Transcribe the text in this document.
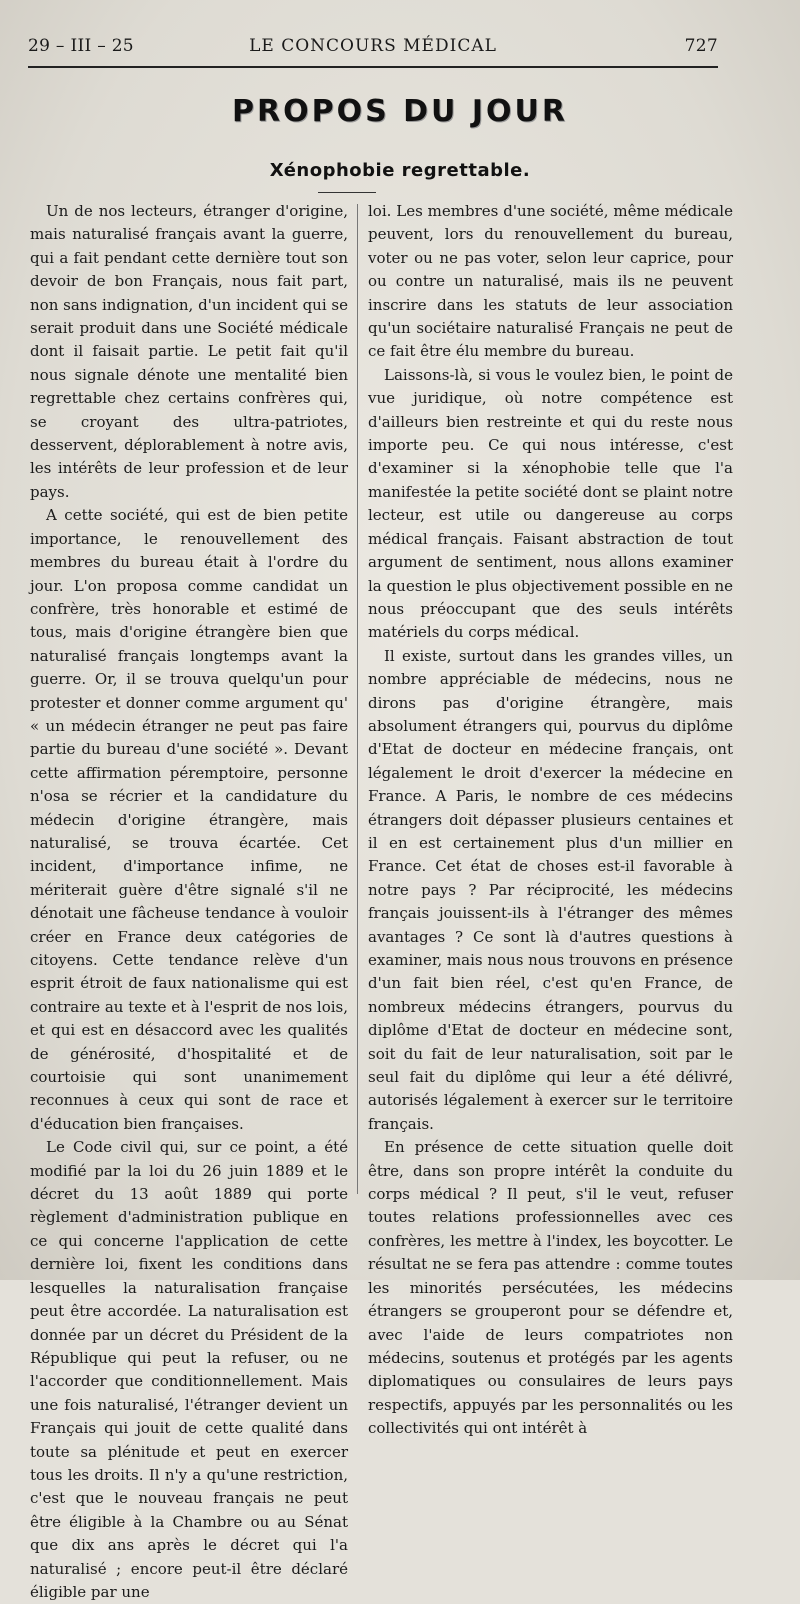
29 – III – 25	LE CONCOURS MÉDICAL	727
PROPOS DU JOUR
Xénophobie regrettable.

Un de nos lecteurs, étranger d'origine, mais naturalisé français avant la guerre, qui a fait pendant cette dernière tout son devoir de bon Français, nous fait part, non sans indignation, d'un incident qui se serait produit dans une Société médicale dont il faisait partie. Le petit fait qu'il nous signale dénote une mentalité bien regrettable chez certains confrères qui, se croyant des ultra-patriotes, desservent, déplorablement à notre avis, les intérêts de leur profession et de leur pays.

A cette société, qui est de bien petite importance, le renouvellement des membres du bureau était à l'ordre du jour. L'on proposa comme candidat un confrère, très honorable et estimé de tous, mais d'origine étrangère bien que naturalisé français longtemps avant la guerre. Or, il se trouva quelqu'un pour protester et donner comme argument qu' « un médecin étranger ne peut pas faire partie du bureau d'une société ». Devant cette affirmation péremptoire, personne n'osa se récrier et la candidature du médecin d'origine étrangère, mais naturalisé, se trouva écartée. Cet incident, d'importance infime, ne mériterait guère d'être signalé s'il ne dénotait une fâcheuse tendance à vouloir créer en France deux catégories de citoyens. Cette tendance relève d'un esprit étroit de faux nationalisme qui est contraire au texte et à l'esprit de nos lois, et qui est en désaccord avec les qualités de générosité, d'hospitalité et de courtoisie qui sont unanimement reconnues à ceux qui sont de race et d'éducation bien françaises.

Le Code civil qui, sur ce point, a été modifié par la loi du 26 juin 1889 et le décret du 13 août 1889 qui porte règlement d'administration publique en ce qui concerne l'application de cette dernière loi, fixent les conditions dans lesquelles la naturalisation française peut être accordée. La naturalisation est donnée par un décret du Président de la République qui peut la refuser, ou ne l'accorder que conditionnellement. Mais une fois naturalisé, l'étranger devient un Français qui jouit de cette qualité dans toute sa plénitude et peut en exercer tous les droits. Il n'y a qu'une restriction, c'est que le nouveau français ne peut être éligible à la Chambre ou au Sénat que dix ans après le décret qui l'a naturalisé ; encore peut-il être déclaré éligible par une

loi. Les membres d'une société, même médicale peuvent, lors du renouvellement du bureau, voter ou ne pas voter, selon leur caprice, pour ou contre un naturalisé, mais ils ne peuvent inscrire dans les statuts de leur association qu'un sociétaire naturalisé Français ne peut de ce fait être élu membre du bureau.

Laissons-là, si vous le voulez bien, le point de vue juridique, où notre compétence est d'ailleurs bien restreinte et qui du reste nous importe peu. Ce qui nous intéresse, c'est d'examiner si la xénophobie telle que l'a manifestée la petite société dont se plaint notre lecteur, est utile ou dangereuse au corps médical français. Faisant abstraction de tout argument de sentiment, nous allons examiner la question le plus objectivement possible en ne nous préoccupant que des seuls intérêts matériels du corps médical.

Il existe, surtout dans les grandes villes, un nombre appréciable de médecins, nous ne dirons pas d'origine étrangère, mais absolument étrangers qui, pourvus du diplôme d'Etat de docteur en médecine français, ont légalement le droit d'exercer la médecine en France. A Paris, le nombre de ces médecins étrangers doit dépasser plusieurs centaines et il en est certainement plus d'un millier en France. Cet état de choses est-il favorable à notre pays ? Par réciprocité, les médecins français jouissent-ils à l'étranger des mêmes avantages ? Ce sont là d'autres questions à examiner, mais nous nous trouvons en présence d'un fait bien réel, c'est qu'en France, de nombreux médecins étrangers, pourvus du diplôme d'Etat de docteur en médecine sont, soit du fait de leur naturalisation, soit par le seul fait du diplôme qui leur a été délivré, autorisés légalement à exercer sur le territoire français.

En présence de cette situation quelle doit être, dans son propre intérêt la conduite du corps médical ? Il peut, s'il le veut, refuser toutes relations professionnelles avec ces confrères, les mettre à l'index, les boycotter. Le résultat ne se fera pas attendre : comme toutes les minorités persécutées, les médecins étrangers se grouperont pour se défendre et, avec l'aide de leurs compatriotes non médecins, soutenus et protégés par les agents diplomatiques ou consulaires de leurs pays respectifs, appuyés par les personnalités ou les collectivités qui ont intérêt à
